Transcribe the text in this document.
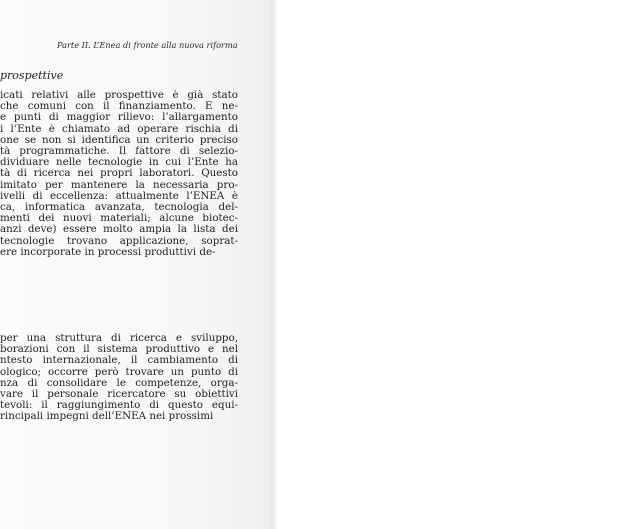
Parte II. L’Enea di fronte alla nuova riforma
prospettive
icati relativi alle prospettive è già stato
che comuni con il finanziamento. È ne-
e punti di maggior rilievo: l’allargamento
i l’Ente è chiamato ad operare rischia di
one se non si identifica un criterio preciso
tà programmatiche. Il fattore di selezio-
dividuare nelle tecnologie in cui l’Ente ha
tà di ricerca nei propri laboratori. Questo
imitato per mantenere la necessaria pro-
ivelli di eccellenza: attualmente l’ENEA è
ca, informatica avanzata, tecnologia del-
menti dei nuovi materiali; alcune biotec-
anzi deve) essere molto ampia la lista dei
tecnologie trovano applicazione, soprat-
ere incorporate in processi produttivi de-
per una struttura di ricerca e sviluppo,
borazioni con il sistema produttivo e nel
ntesto internazionale, il cambiamento di
ologico; occorre però trovare un punto di
nza di consolidare le competenze, orga-
vare il personale ricercatore su obiettivi
tevoli: il raggiungimento di questo equi-
rincipali impegni dell’ENEA nei prossimi
